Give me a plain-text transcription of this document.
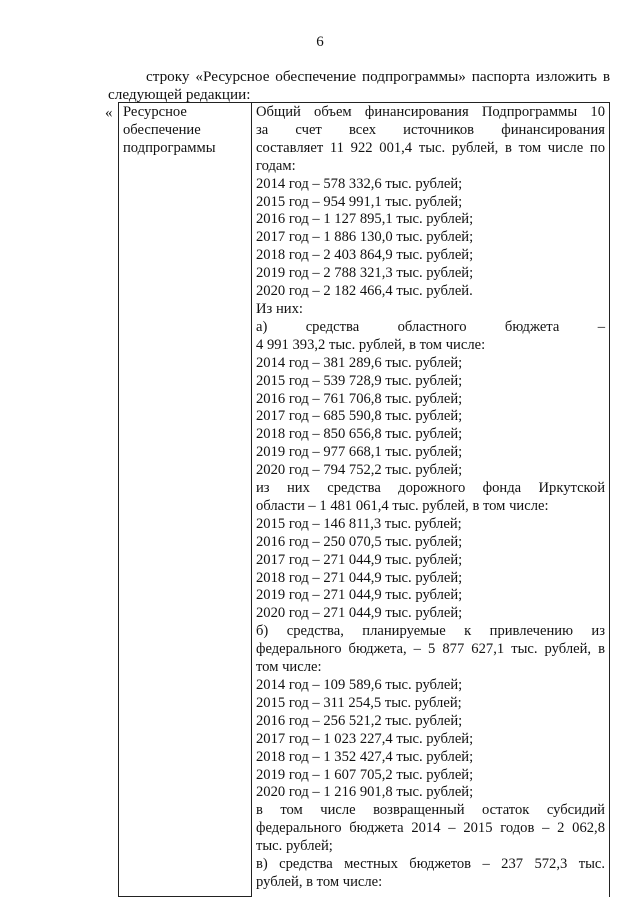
6
строку «Ресурсное обеспечение подпрограммы» паспорта изложить в
следующей редакции:
« Ресурсное
обеспечение
подпрограммы

Общий объем финансирования Подпрограммы 10
за счет всех источников финансирования
составляет 11 922 001,4 тыс. рублей, в том числе по
годам:
2014 год – 578 332,6 тыс. рублей;
2015 год – 954 991,1 тыс. рублей;
2016 год – 1 127 895,1 тыс. рублей;
2017 год – 1 886 130,0 тыс. рублей;
2018 год – 2 403 864,9 тыс. рублей;
2019 год – 2 788 321,3 тыс. рублей;
2020 год – 2 182 466,4 тыс. рублей.
Из них:
а) средства областного бюджета –
4 991 393,2 тыс. рублей, в том числе:
2014 год – 381 289,6 тыс. рублей;
2015 год – 539 728,9 тыс. рублей;
2016 год – 761 706,8 тыс. рублей;
2017 год – 685 590,8 тыс. рублей;
2018 год – 850 656,8 тыс. рублей;
2019 год – 977 668,1 тыс. рублей;
2020 год – 794 752,2 тыс. рублей;
из них средства дорожного фонда Иркутской
области – 1 481 061,4 тыс. рублей, в том числе:
2015 год – 146 811,3 тыс. рублей;
2016 год – 250 070,5 тыс. рублей;
2017 год – 271 044,9 тыс. рублей;
2018 год – 271 044,9 тыс. рублей;
2019 год – 271 044,9 тыс. рублей;
2020 год – 271 044,9 тыс. рублей;
б) средства, планируемые к привлечению из
федерального бюджета, – 5 877 627,1 тыс. рублей, в
том числе:
2014 год – 109 589,6 тыс. рублей;
2015 год – 311 254,5 тыс. рублей;
2016 год – 256 521,2 тыс. рублей;
2017 год – 1 023 227,4 тыс. рублей;
2018 год – 1 352 427,4 тыс. рублей;
2019 год – 1 607 705,2 тыс. рублей;
2020 год – 1 216 901,8 тыс. рублей;
в том числе возвращенный остаток субсидий
федерального бюджета 2014 – 2015 годов – 2 062,8
тыс. рублей;
в) средства местных бюджетов – 237 572,3 тыс.
рублей, в том числе:
